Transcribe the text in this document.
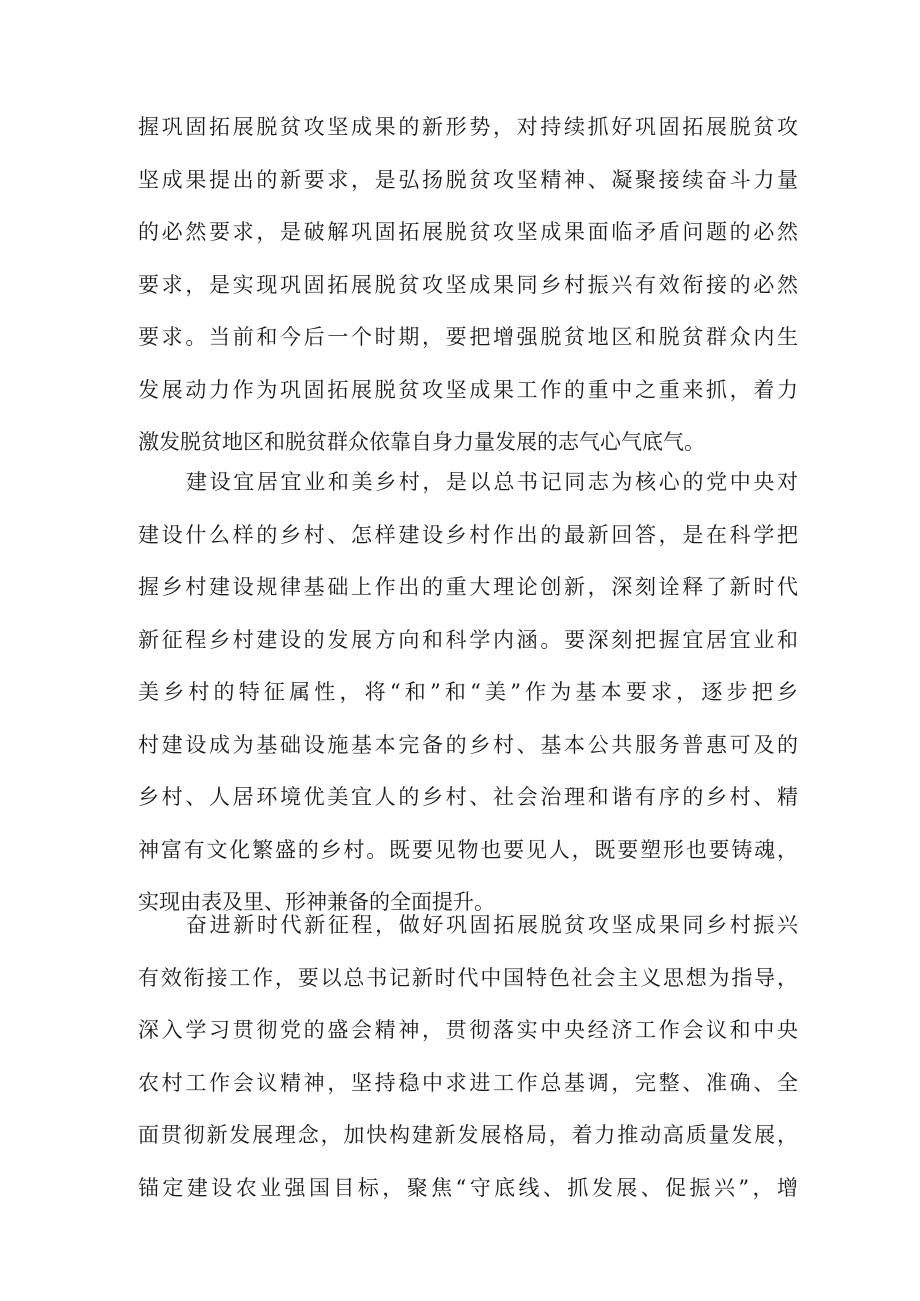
握巩固拓展脱贫攻坚成果的新形势，对持续抓好巩固拓展脱贫攻
坚成果提出的新要求，是弘扬脱贫攻坚精神、凝聚接续奋斗力量
的必然要求，是破解巩固拓展脱贫攻坚成果面临矛盾问题的必然
要求，是实现巩固拓展脱贫攻坚成果同乡村振兴有效衔接的必然
要求。当前和今后一个时期，要把增强脱贫地区和脱贫群众内生
发展动力作为巩固拓展脱贫攻坚成果工作的重中之重来抓，着力
激发脱贫地区和脱贫群众依靠自身力量发展的志气心气底气。
建设宜居宜业和美乡村，是以总书记同志为核心的党中央对
建设什么样的乡村、怎样建设乡村作出的最新回答，是在科学把
握乡村建设规律基础上作出的重大理论创新，深刻诠释了新时代
新征程乡村建设的发展方向和科学内涵。要深刻把握宜居宜业和
美乡村的特征属性，将“和”和“美”作为基本要求，逐步把乡
村建设成为基础设施基本完备的乡村、基本公共服务普惠可及的
乡村、人居环境优美宜人的乡村、社会治理和谐有序的乡村、精
神富有文化繁盛的乡村。既要见物也要见人，既要塑形也要铸魂，
实现由表及里、形神兼备的全面提升。
奋进新时代新征程，做好巩固拓展脱贫攻坚成果同乡村振兴
有效衔接工作，要以总书记新时代中国特色社会主义思想为指导，
深入学习贯彻党的盛会精神，贯彻落实中央经济工作会议和中央
农村工作会议精神，坚持稳中求进工作总基调，完整、准确、全
面贯彻新发展理念，加快构建新发展格局，着力推动高质量发展，
锚定建设农业强国目标，聚焦“守底线、抓发展、促振兴”，增
